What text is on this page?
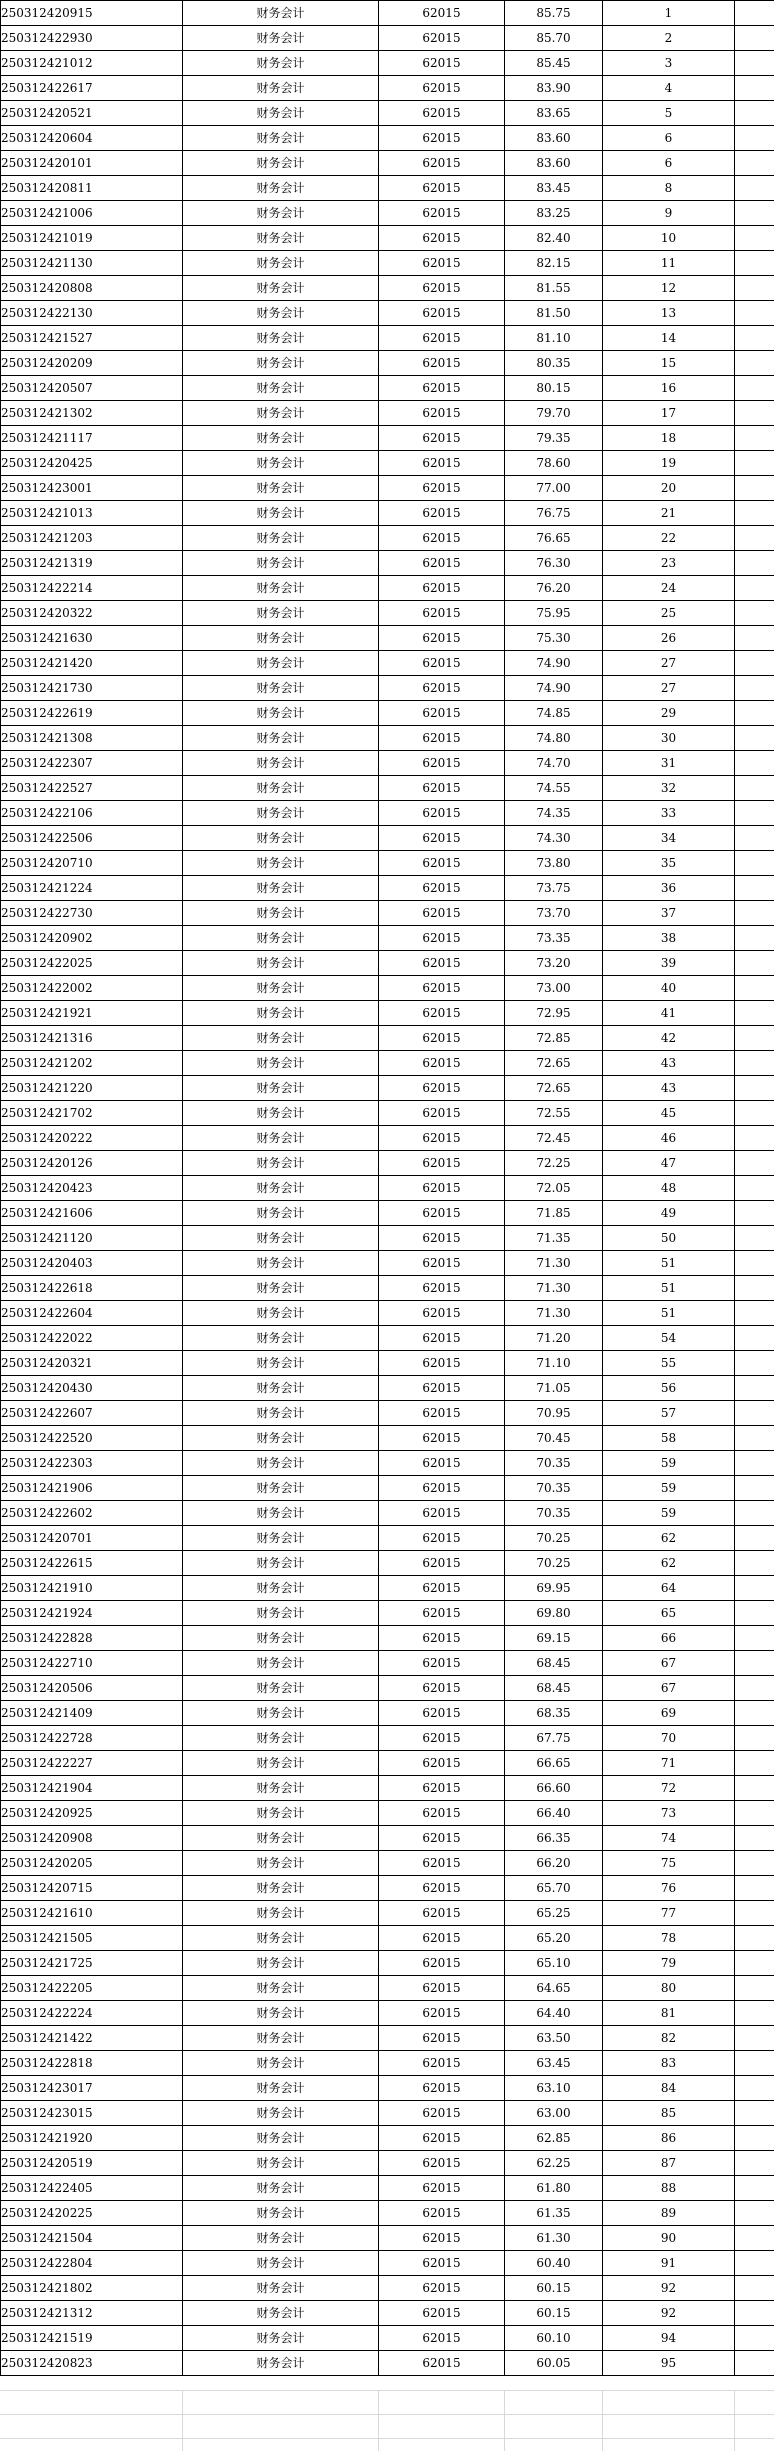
250312420915	财务会计	62015	85.75	1	
250312422930	财务会计	62015	85.70	2	
250312421012	财务会计	62015	85.45	3	
250312422617	财务会计	62015	83.90	4	
250312420521	财务会计	62015	83.65	5	
250312420604	财务会计	62015	83.60	6	
250312420101	财务会计	62015	83.60	6	
250312420811	财务会计	62015	83.45	8	
250312421006	财务会计	62015	83.25	9	
250312421019	财务会计	62015	82.40	10	
250312421130	财务会计	62015	82.15	11	
250312420808	财务会计	62015	81.55	12	
250312422130	财务会计	62015	81.50	13	
250312421527	财务会计	62015	81.10	14	
250312420209	财务会计	62015	80.35	15	
250312420507	财务会计	62015	80.15	16	
250312421302	财务会计	62015	79.70	17	
250312421117	财务会计	62015	79.35	18	
250312420425	财务会计	62015	78.60	19	
250312423001	财务会计	62015	77.00	20	
250312421013	财务会计	62015	76.75	21	
250312421203	财务会计	62015	76.65	22	
250312421319	财务会计	62015	76.30	23	
250312422214	财务会计	62015	76.20	24	
250312420322	财务会计	62015	75.95	25	
250312421630	财务会计	62015	75.30	26	
250312421420	财务会计	62015	74.90	27	
250312421730	财务会计	62015	74.90	27	
250312422619	财务会计	62015	74.85	29	
250312421308	财务会计	62015	74.80	30	
250312422307	财务会计	62015	74.70	31	
250312422527	财务会计	62015	74.55	32	
250312422106	财务会计	62015	74.35	33	
250312422506	财务会计	62015	74.30	34	
250312420710	财务会计	62015	73.80	35	
250312421224	财务会计	62015	73.75	36	
250312422730	财务会计	62015	73.70	37	
250312420902	财务会计	62015	73.35	38	
250312422025	财务会计	62015	73.20	39	
250312422002	财务会计	62015	73.00	40	
250312421921	财务会计	62015	72.95	41	
250312421316	财务会计	62015	72.85	42	
250312421202	财务会计	62015	72.65	43	
250312421220	财务会计	62015	72.65	43	
250312421702	财务会计	62015	72.55	45	
250312420222	财务会计	62015	72.45	46	
250312420126	财务会计	62015	72.25	47	
250312420423	财务会计	62015	72.05	48	
250312421606	财务会计	62015	71.85	49	
250312421120	财务会计	62015	71.35	50	
250312420403	财务会计	62015	71.30	51	
250312422618	财务会计	62015	71.30	51	
250312422604	财务会计	62015	71.30	51	
250312422022	财务会计	62015	71.20	54	
250312420321	财务会计	62015	71.10	55	
250312420430	财务会计	62015	71.05	56	
250312422607	财务会计	62015	70.95	57	
250312422520	财务会计	62015	70.45	58	
250312422303	财务会计	62015	70.35	59	
250312421906	财务会计	62015	70.35	59	
250312422602	财务会计	62015	70.35	59	
250312420701	财务会计	62015	70.25	62	
250312422615	财务会计	62015	70.25	62	
250312421910	财务会计	62015	69.95	64	
250312421924	财务会计	62015	69.80	65	
250312422828	财务会计	62015	69.15	66	
250312422710	财务会计	62015	68.45	67	
250312420506	财务会计	62015	68.45	67	
250312421409	财务会计	62015	68.35	69	
250312422728	财务会计	62015	67.75	70	
250312422227	财务会计	62015	66.65	71	
250312421904	财务会计	62015	66.60	72	
250312420925	财务会计	62015	66.40	73	
250312420908	财务会计	62015	66.35	74	
250312420205	财务会计	62015	66.20	75	
250312420715	财务会计	62015	65.70	76	
250312421610	财务会计	62015	65.25	77	
250312421505	财务会计	62015	65.20	78	
250312421725	财务会计	62015	65.10	79	
250312422205	财务会计	62015	64.65	80	
250312422224	财务会计	62015	64.40	81	
250312421422	财务会计	62015	63.50	82	
250312422818	财务会计	62015	63.45	83	
250312423017	财务会计	62015	63.10	84	
250312423015	财务会计	62015	63.00	85	
250312421920	财务会计	62015	62.85	86	
250312420519	财务会计	62015	62.25	87	
250312422405	财务会计	62015	61.80	88	
250312420225	财务会计	62015	61.35	89	
250312421504	财务会计	62015	61.30	90	
250312422804	财务会计	62015	60.40	91	
250312421802	财务会计	62015	60.15	92	
250312421312	财务会计	62015	60.15	92	
250312421519	财务会计	62015	60.10	94	
250312420823	财务会计	62015	60.05	95	
